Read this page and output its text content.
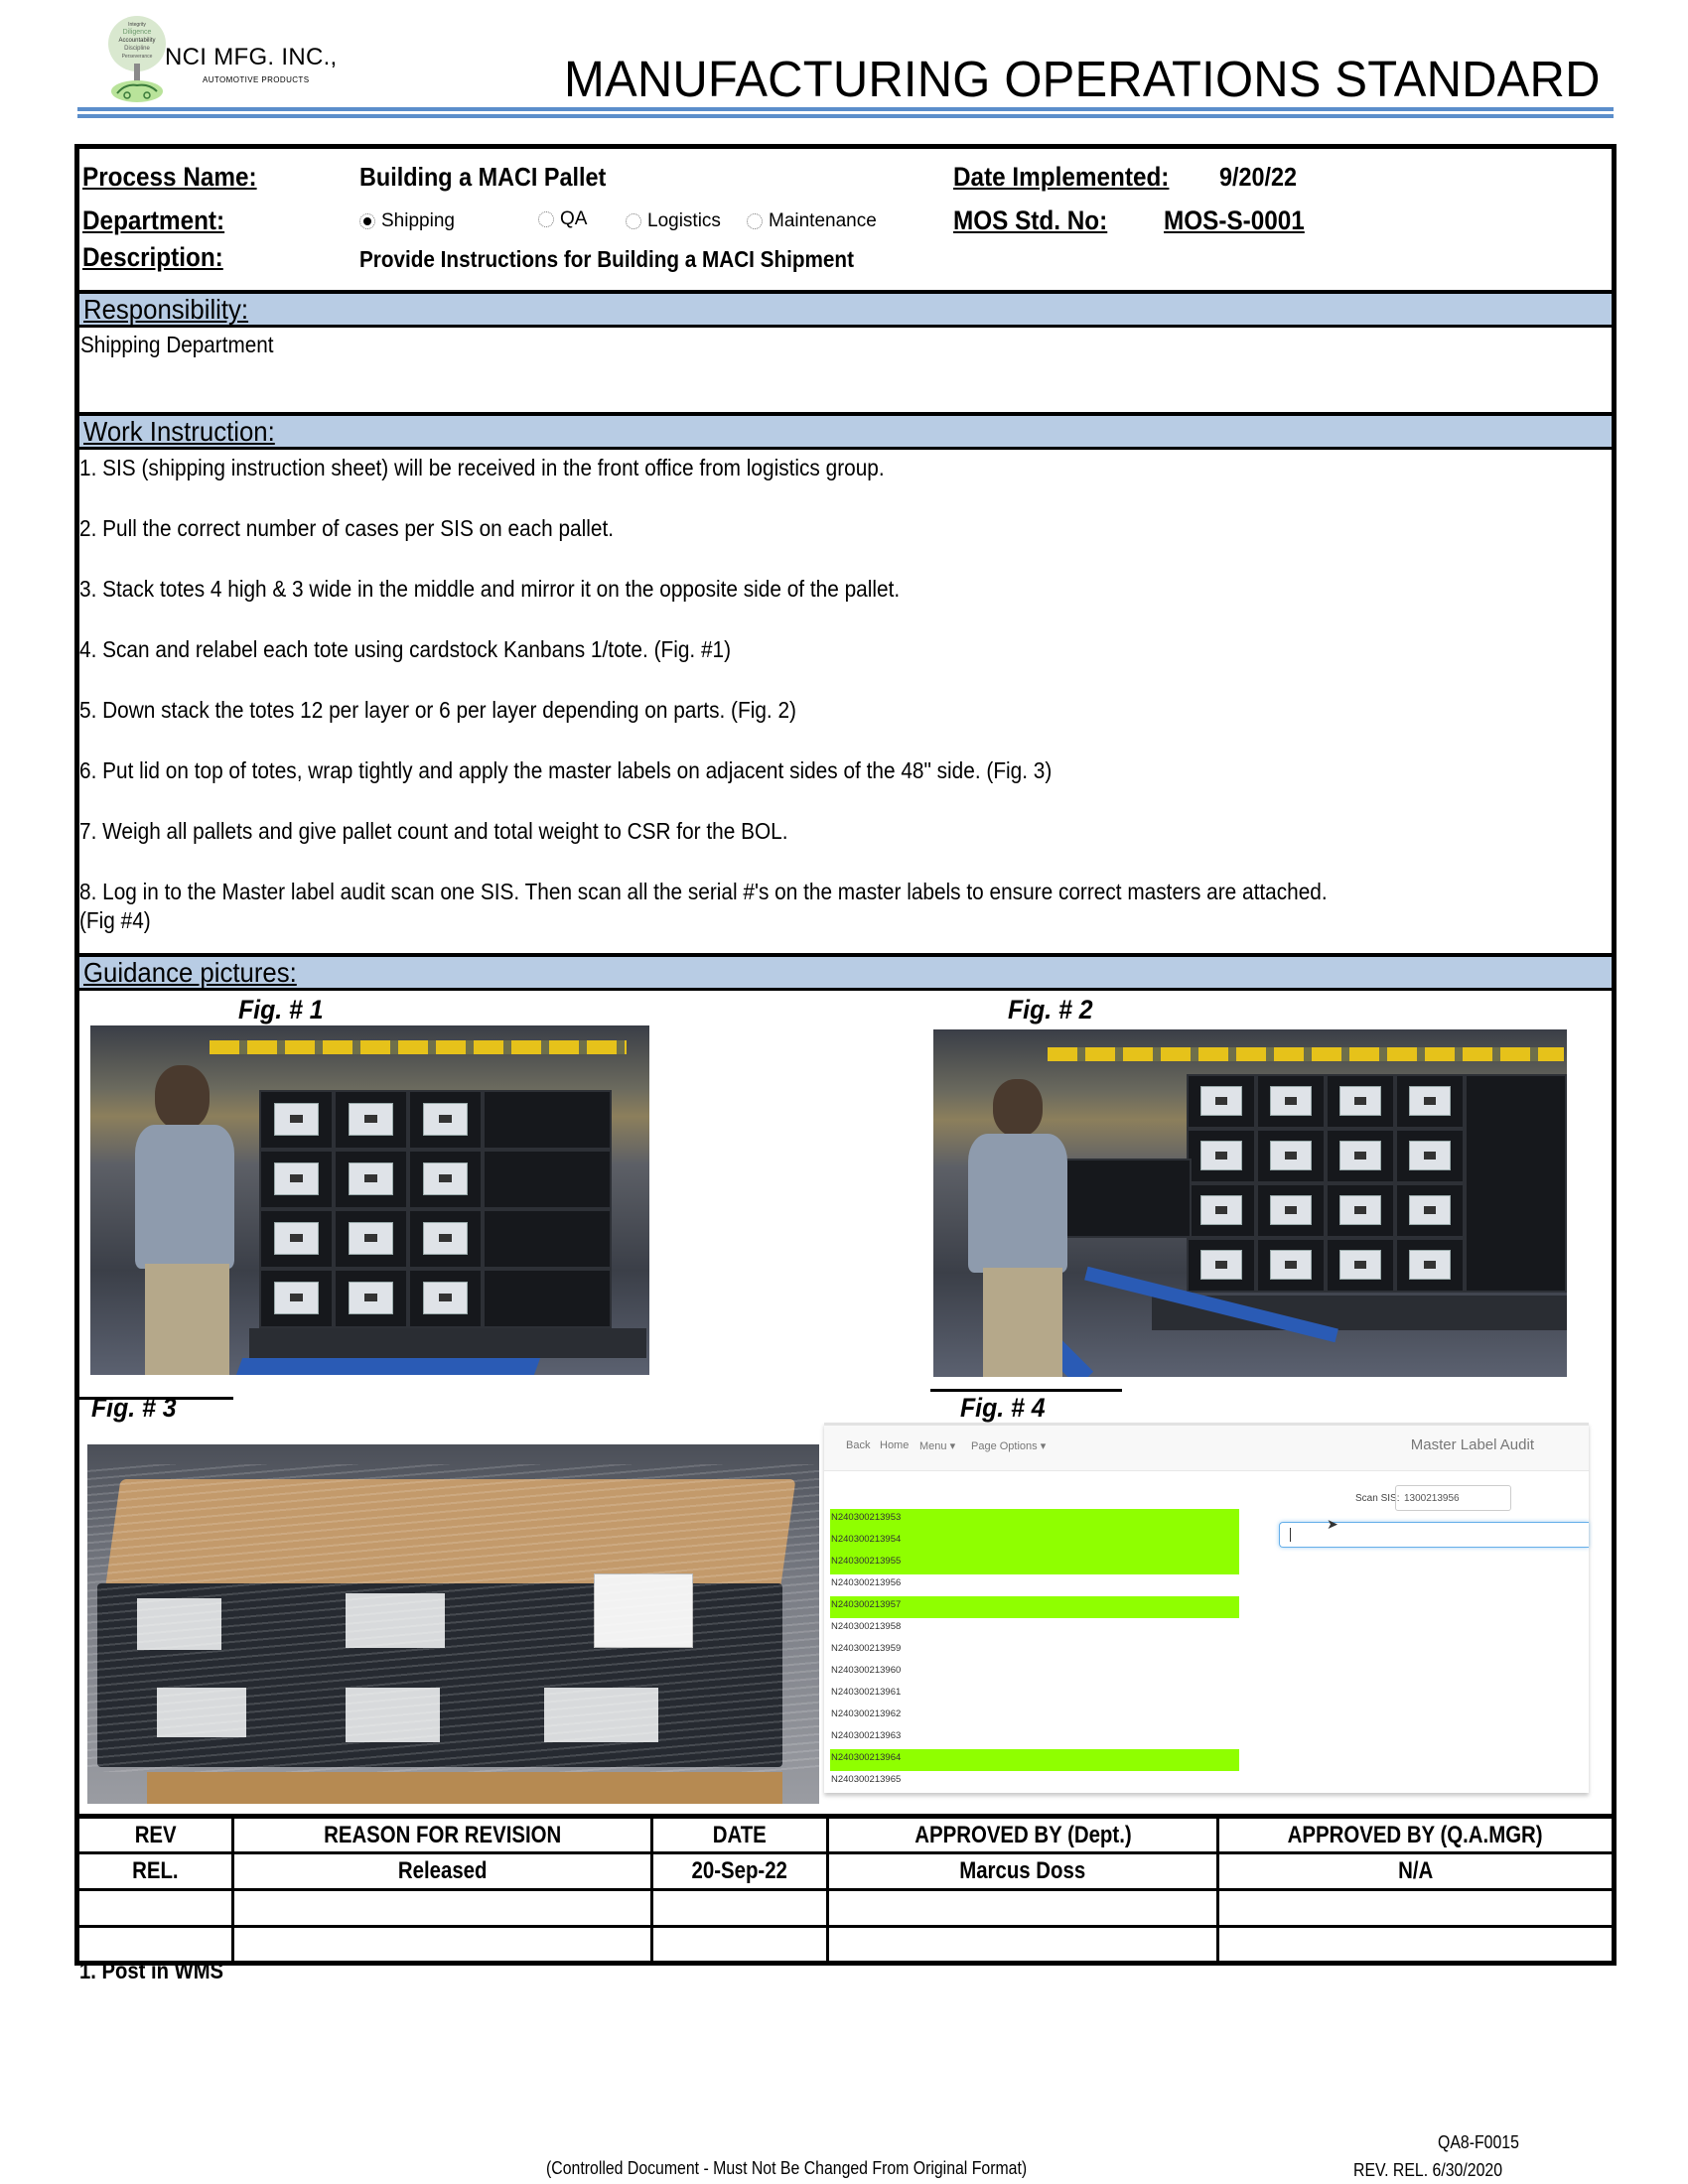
Integrity
Diligence
Accountability
Discipline
Perseverance NCI MFG. INC.,
AUTOMOTIVE PRODUCTS	MANUFACTURING OPERATIONS STANDARD
Process Name:	Building a MACI Pallet
Department:	Shipping	QA	Logistics	Maintenance
Description:	Provide Instructions for Building a MACI Shipment
Date Implemented: 9/20/22
MOS Std. No: MOS-S-0001
Responsibility:
Shipping Department
Work Instruction:
1. SIS (shipping instruction sheet) will be received in the front office from logistics group.
2. Pull the correct number of cases per SIS on each pallet.
3. Stack totes 4 high & 3 wide in the middle and mirror it on the opposite side of the pallet.
4. Scan and relabel each tote using cardstock Kanbans 1/tote. (Fig. #1)
5. Down stack the totes 12 per layer or 6 per layer depending on parts. (Fig. 2)
6. Put lid on top of totes, wrap tightly and apply the master labels on adjacent sides of the 48" side. (Fig. 3)
7. Weigh all pallets and give pallet count and total weight to CSR for the BOL.
8. Log in to the Master label audit scan one SIS. Then scan all the serial #'s on the master labels to ensure correct masters are attached.
(Fig #4)
Guidance pictures:
Fig. # 1	Fig. # 2
Fig. # 3	Fig. # 4
Back Home Menu ▾ Page Options ▾	Master Label Audit
Scan SIS: 1300213956
➤
N240300213953
N240300213954
N240300213955
N240300213956
N240300213957
N240300213958
N240300213959
N240300213960
N240300213961
N240300213962
N240300213963
N240300213964
N240300213965
REV	REASON FOR REVISION	DATE	APPROVED BY (Dept.)	APPROVED BY (Q.A.MGR)
REL.	Released	20-Sep-22	Marcus Doss	N/A

1. Post in WMS
(Controlled Document - Must Not Be Changed From Original Format)
QA8-F0015
REV. REL. 6/30/2020
